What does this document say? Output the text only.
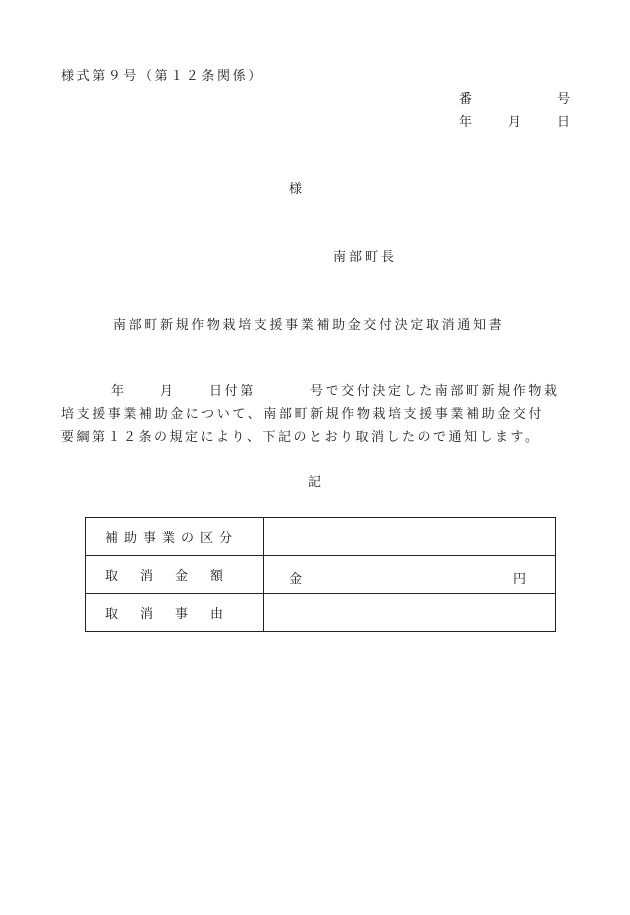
様式第９号（第１２条関係）
番	号
年	月	日
様
南部町長
南部町新規作物栽培支援事業補助金交付決定取消通知書
年	月	日付第	号で交付決定した南部町新規作物栽
培支援事業補助金について、南部町新規作物栽培支援事業補助金交付
要綱第１２条の規定により、下記のとおり取消したので通知します。
記
補助事業の区分	

取 消 金 額	金 円

取 消 事 由	
